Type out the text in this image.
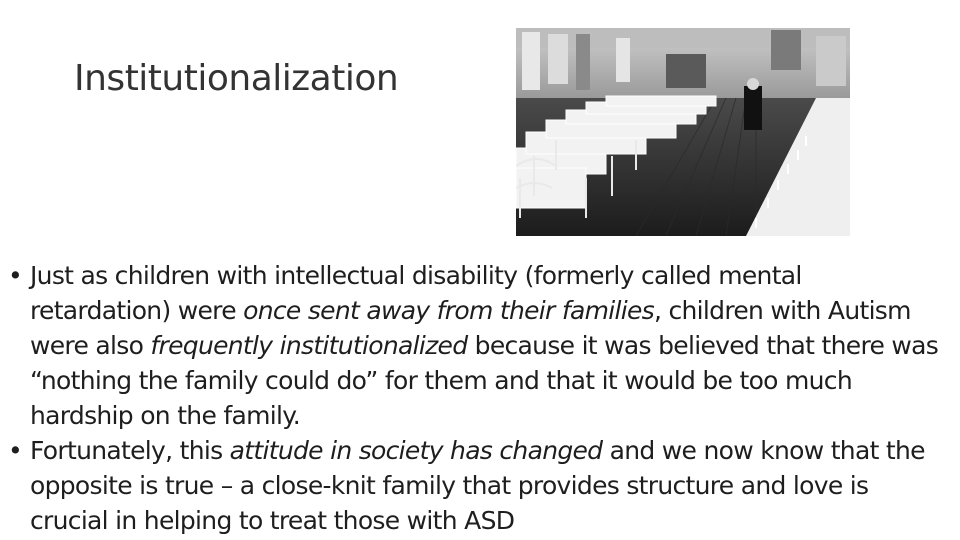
Institutionalization
• Just as children with intellectual disability (formerly called mental retardation) were once sent away from their families, children with Autism were also frequently institutionalized because it was believed that there was “nothing the family could do” for them and that it would be too much hardship on the family.
• Fortunately, this attitude in society has changed and we now know that the opposite is true – a close-knit family that provides structure and love is crucial in helping to treat those with ASD
